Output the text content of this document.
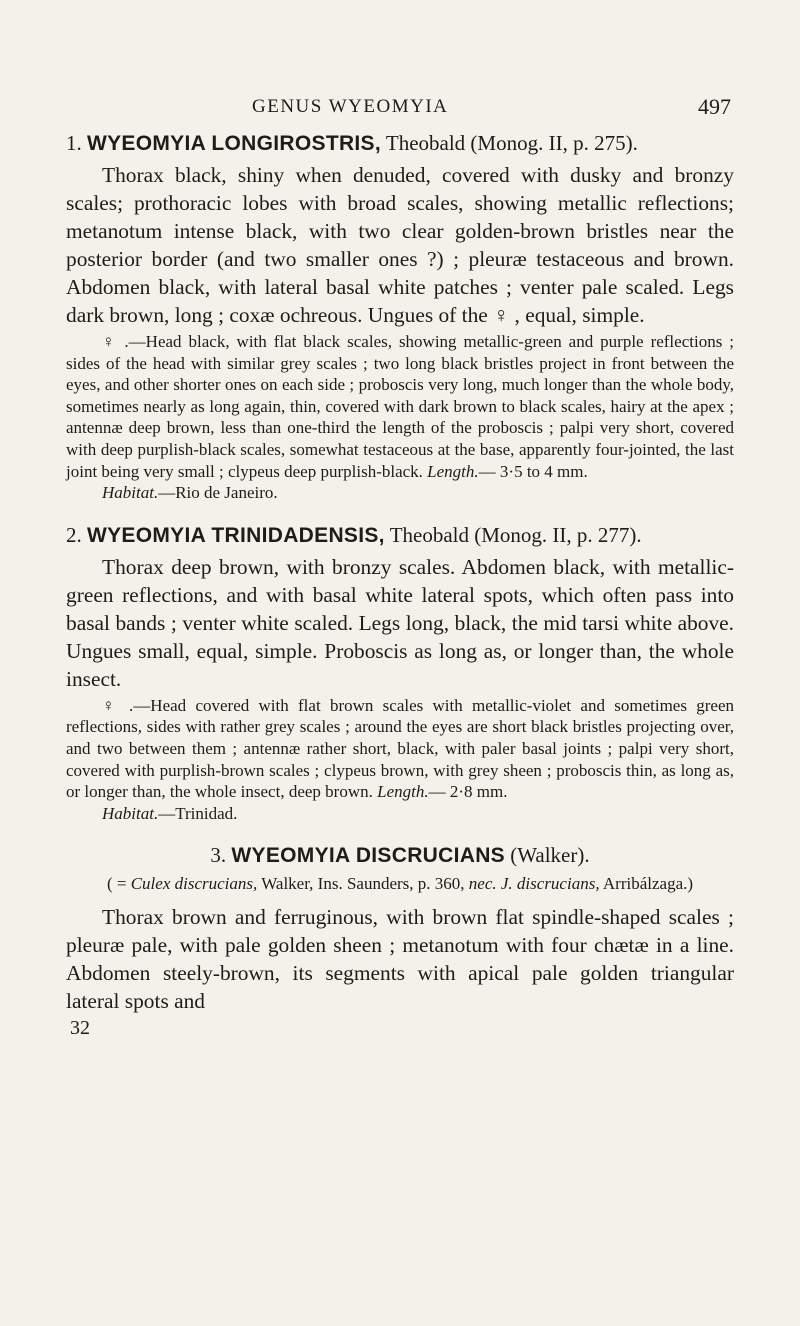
GENUS WYEOMYIA	497
1. WYEOMYIA LONGIROSTRIS, Theobald (Monog. II, p. 275).

Thorax black, shiny when denuded, covered with dusky and bronzy scales; prothoracic lobes with broad scales, showing metallic reflections; metanotum intense black, with two clear golden-brown bristles near the posterior border (and two smaller ones ?) ; pleuræ testaceous and brown. Abdomen black, with lateral basal white patches ; venter pale scaled. Legs dark brown, long ; coxæ ochreous. Ungues of the ♀ , equal, simple.

♀ .—Head black, with flat black scales, showing metallic-green and purple reflections ; sides of the head with similar grey scales ; two long black bristles project in front between the eyes, and other shorter ones on each side ; proboscis very long, much longer than the whole body, sometimes nearly as long again, thin, covered with dark brown to black scales, hairy at the apex ; antennæ deep brown, less than one-third the length of the proboscis ; palpi very short, covered with deep purplish-black scales, somewhat testaceous at the base, apparently four-jointed, the last joint being very small ; clypeus deep purplish-black. Length.— 3·5 to 4 mm.

Habitat.—Rio de Janeiro.

2. WYEOMYIA TRINIDADENSIS, Theobald (Monog. II, p. 277).

Thorax deep brown, with bronzy scales. Abdomen black, with metallic-green reflections, and with basal white lateral spots, which often pass into basal bands ; venter white scaled. Legs long, black, the mid tarsi white above. Ungues small, equal, simple. Proboscis as long as, or longer than, the whole insect.

♀ .—Head covered with flat brown scales with metallic-violet and sometimes green reflections, sides with rather grey scales ; around the eyes are short black bristles projecting over, and two between them ; antennæ rather short, black, with paler basal joints ; palpi very short, covered with purplish-brown scales ; clypeus brown, with grey sheen ; proboscis thin, as long as, or longer than, the whole insect, deep brown. Length.— 2·8 mm.

Habitat.—Trinidad.

3. WYEOMYIA DISCRUCIANS (Walker).
( = Culex discrucians, Walker, Ins. Saunders, p. 360, nec. J. discrucians, Arribálzaga.)

Thorax brown and ferruginous, with brown flat spindle-shaped scales ; pleuræ pale, with pale golden sheen ; metanotum with four chætæ in a line. Abdomen steely-brown, its segments with apical pale golden triangular lateral spots and

32
